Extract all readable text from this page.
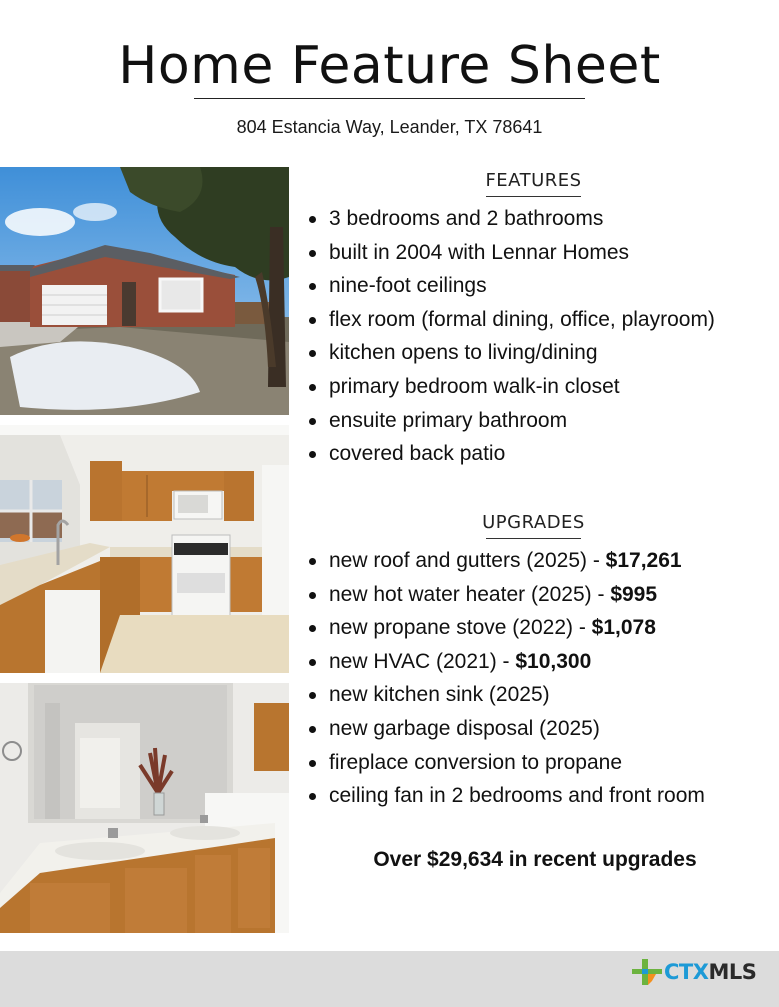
Home Feature Sheet
804 Estancia Way, Leander, TX 78641
FEATURES
3 bedrooms and 2 bathrooms
built in 2004 with Lennar Homes
nine-foot ceilings
flex room (formal dining, office, playroom)
kitchen opens to living/dining
primary bedroom walk-in closet
ensuite primary bathroom
covered back patio
UPGRADES
new roof and gutters (2025) - $17,261
new hot water heater (2025) - $995
new propane stove (2022) - $1,078
new HVAC (2021) - $10,300
new kitchen sink (2025)
new garbage disposal (2025)
fireplace conversion to propane
ceiling fan in 2 bedrooms and front room
Over $29,634 in recent upgrades
CTX MLS
